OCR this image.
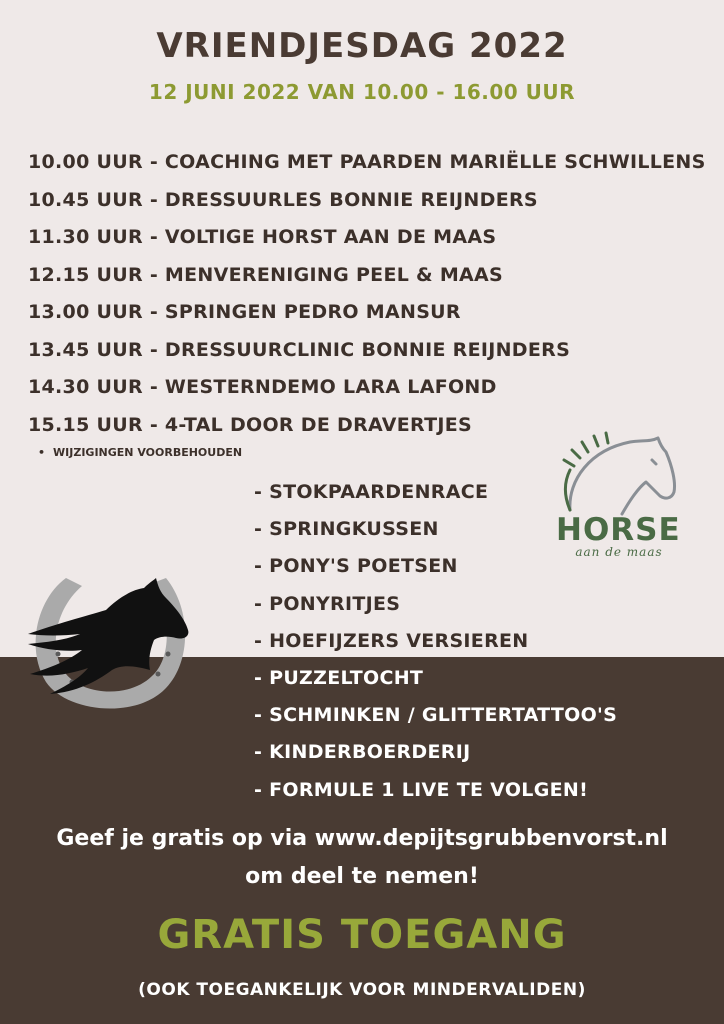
VRIENDJESDAG 2022
12 JUNI 2022 VAN 10.00 - 16.00 UUR
10.00 UUR - COACHING MET PAARDEN MARIËLLE SCHWILLENS
10.45 UUR - DRESSUURLES BONNIE REIJNDERS
11.30 UUR - VOLTIGE HORST AAN DE MAAS
12.15 UUR - MENVERENIGING PEEL & MAAS
13.00 UUR - SPRINGEN PEDRO MANSUR
13.45 UUR - DRESSUURCLINIC BONNIE REIJNDERS
14.30 UUR - WESTERNDEMO LARA LAFOND
15.15 UUR - 4-TAL DOOR DE DRAVERTJES
• WIJZIGINGEN VOORBEHOUDEN
HORSE
aan de maas
- STOKPAARDENRACE
- SPRINGKUSSEN
- PONY'S POETSEN
- PONYRITJES
- HOEFIJZERS VERSIEREN
- PUZZELTOCHT
- SCHMINKEN / GLITTERTATTOO'S
- KINDERBOERDERIJ
- FORMULE 1 LIVE TE VOLGEN!
Geef je gratis op via www.depijtsgrubbenvorst.nl
om deel te nemen!
GRATIS TOEGANG
(OOK TOEGANKELIJK VOOR MINDERVALIDEN)
